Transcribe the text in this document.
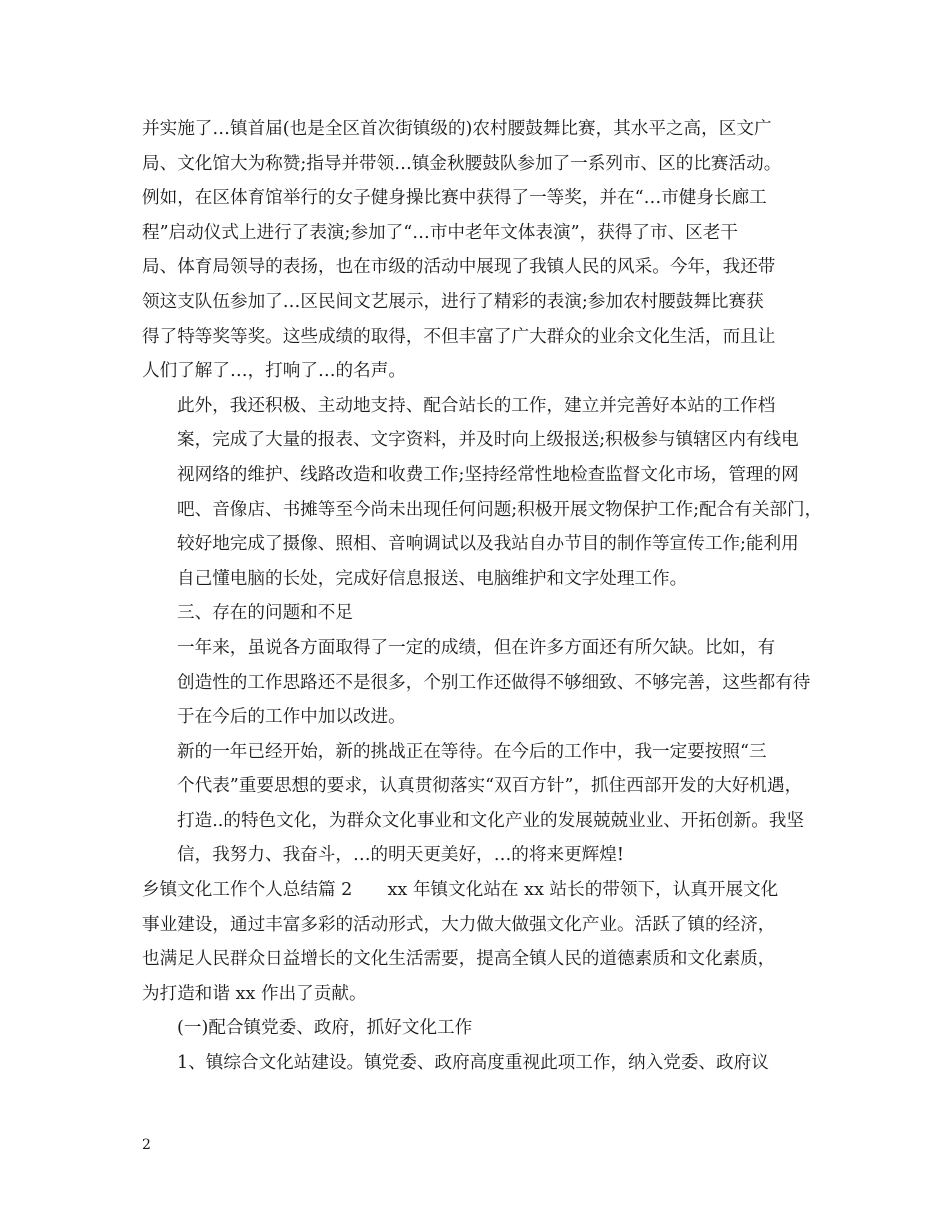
并实施了…镇首届(也是全区首次街镇级的)农村腰鼓舞比赛，其水平之高，区文广
局、文化馆大为称赞;指导并带领…镇金秋腰鼓队参加了一系列市、区的比赛活动。
例如，在区体育馆举行的女子健身操比赛中获得了一等奖，并在“…市健身长廊工
程”启动仪式上进行了表演;参加了“…市中老年文体表演”，获得了市、区老干
局、体育局领导的表扬，也在市级的活动中展现了我镇人民的风采。今年，我还带
领这支队伍参加了…区民间文艺展示，进行了精彩的表演;参加农村腰鼓舞比赛获
得了特等奖等奖。这些成绩的取得，不但丰富了广大群众的业余文化生活，而且让
人们了解了…，打响了…的名声。
此外，我还积极、主动地支持、配合站长的工作，建立并完善好本站的工作档
案，完成了大量的报表、文字资料，并及时向上级报送;积极参与镇辖区内有线电
视网络的维护、线路改造和收费工作;坚持经常性地检查监督文化市场，管理的网
吧、音像店、书摊等至今尚未出现任何问题;积极开展文物保护工作;配合有关部门，
较好地完成了摄像、照相、音响调试以及我站自办节目的制作等宣传工作;能利用
自己懂电脑的长处，完成好信息报送、电脑维护和文字处理工作。
三、存在的问题和不足
一年来，虽说各方面取得了一定的成绩，但在许多方面还有所欠缺。比如，有
创造性的工作思路还不是很多，个别工作还做得不够细致、不够完善，这些都有待
于在今后的工作中加以改进。
新的一年已经开始，新的挑战正在等待。在今后的工作中，我一定要按照“三
个代表”重要思想的要求，认真贯彻落实“双百方针”，抓住西部开发的大好机遇，
打造..的特色文化，为群众文化事业和文化产业的发展兢兢业业、开拓创新。我坚
信，我努力、我奋斗，…的明天更美好，…的将来更辉煌!
乡镇文化工作个人总结篇 2　　xx 年镇文化站在 xx 站长的带领下，认真开展文化
事业建设，通过丰富多彩的活动形式，大力做大做强文化产业。活跃了镇的经济，
也满足人民群众日益增长的文化生活需要，提高全镇人民的道德素质和文化素质，
为打造和谐 xx 作出了贡献。
(一)配合镇党委、政府，抓好文化工作
1、镇综合文化站建设。镇党委、政府高度重视此项工作，纳入党委、政府议
2
